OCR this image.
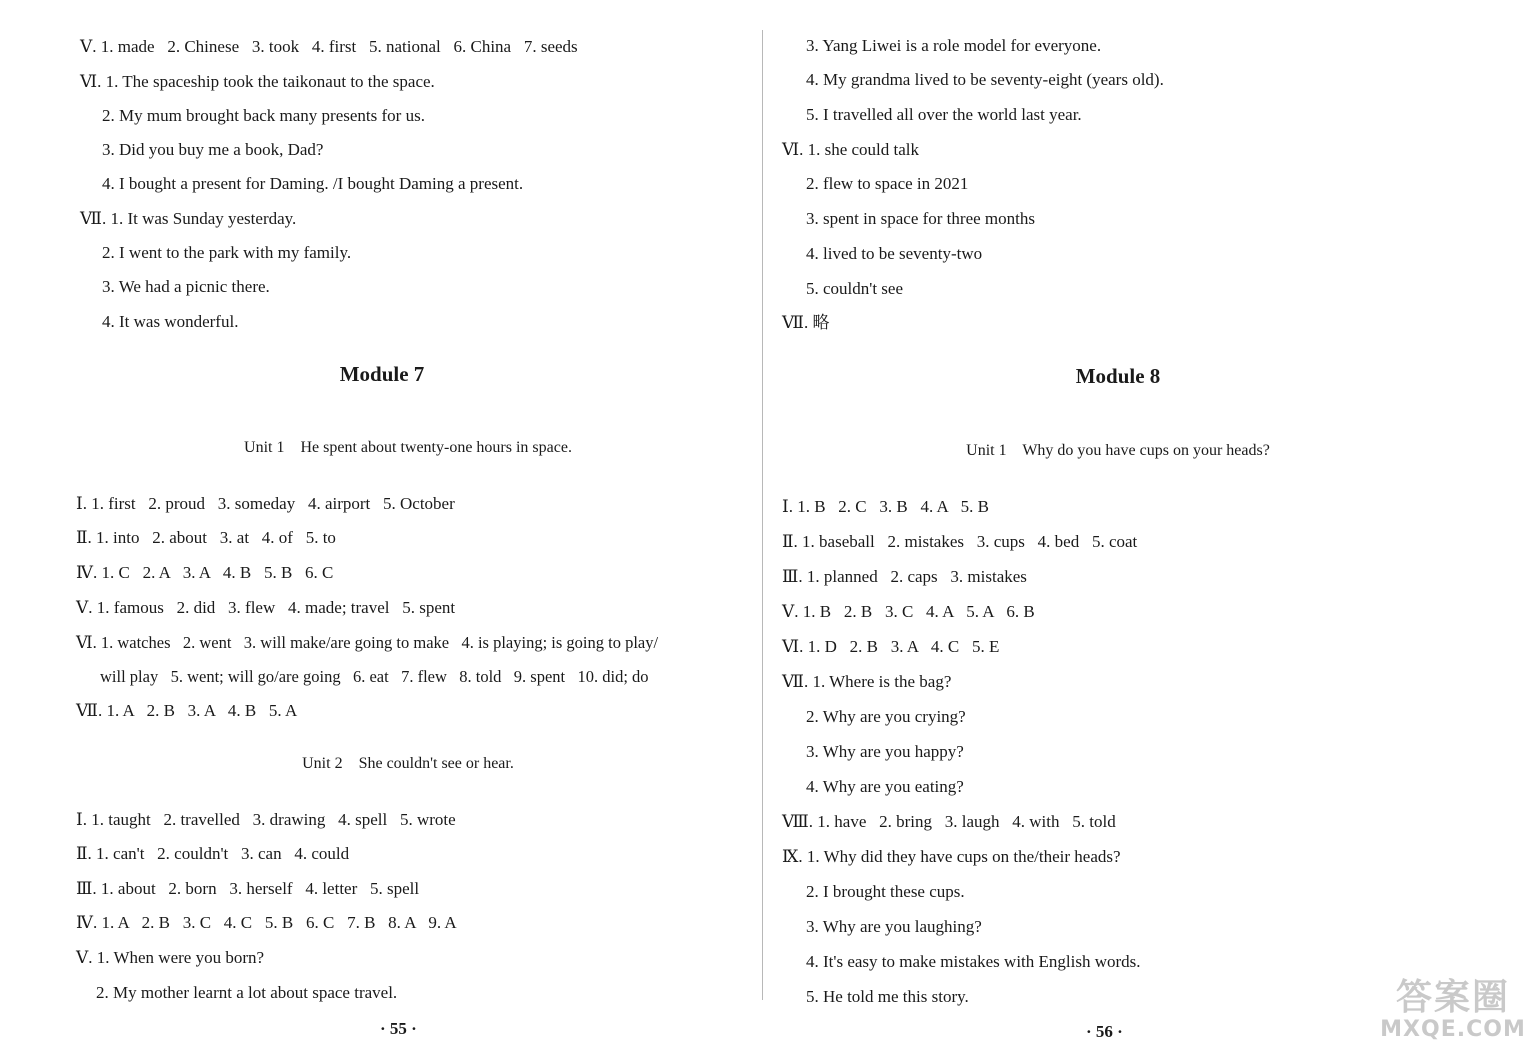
Ⅴ. 1. made   2. Chinese   3. took   4. first   5. national   6. China   7. seeds
Ⅵ. 1. The spaceship took the taikonaut to the space.
2. My mum brought back many presents for us.
3. Did you buy me a book, Dad?
4. I bought a present for Daming. /I bought Daming a present.
Ⅶ. 1. It was Sunday yesterday.
2. I went to the park with my family.
3. We had a picnic there.
4. It was wonderful.
Module 7
Unit 1    He spent about twenty-one hours in space.
Ⅰ. 1. first   2. proud   3. someday   4. airport   5. October
Ⅱ. 1. into   2. about   3. at   4. of   5. to
Ⅳ. 1. C   2. A   3. A   4. B   5. B   6. C
Ⅴ. 1. famous   2. did   3. flew   4. made; travel   5. spent
Ⅵ. 1. watches   2. went   3. will make/are going to make   4. is playing; is going to play/
will play   5. went; will go/are going   6. eat   7. flew   8. told   9. spent   10. did; do
Ⅶ. 1. A   2. B   3. A   4. B   5. A
Unit 2    She couldn't see or hear.
Ⅰ. 1. taught   2. travelled   3. drawing   4. spell   5. wrote
Ⅱ. 1. can't   2. couldn't   3. can   4. could
Ⅲ. 1. about   2. born   3. herself   4. letter   5. spell
Ⅳ. 1. A   2. B   3. C   4. C   5. B   6. C   7. B   8. A   9. A
Ⅴ. 1. When were you born?
2. My mother learnt a lot about space travel.
· 55 ·
3. Yang Liwei is a role model for everyone.
4. My grandma lived to be seventy-eight (years old).
5. I travelled all over the world last year.
Ⅵ. 1. she could talk
2. flew to space in 2021
3. spent in space for three months
4. lived to be seventy-two
5. couldn't see
Ⅶ. 略
Module 8
Unit 1    Why do you have cups on your heads?
Ⅰ. 1. B   2. C   3. B   4. A   5. B
Ⅱ. 1. baseball   2. mistakes   3. cups   4. bed   5. coat
Ⅲ. 1. planned   2. caps   3. mistakes
Ⅴ. 1. B   2. B   3. C   4. A   5. A   6. B
Ⅵ. 1. D   2. B   3. A   4. C   5. E
Ⅶ. 1. Where is the bag?
2. Why are you crying?
3. Why are you happy?
4. Why are you eating?
Ⅷ. 1. have   2. bring   3. laugh   4. with   5. told
Ⅸ. 1. Why did they have cups on the/their heads?
2. I brought these cups.
3. Why are you laughing?
4. It's easy to make mistakes with English words.
5. He told me this story.
· 56 ·
答案圈
MXQE.COM
